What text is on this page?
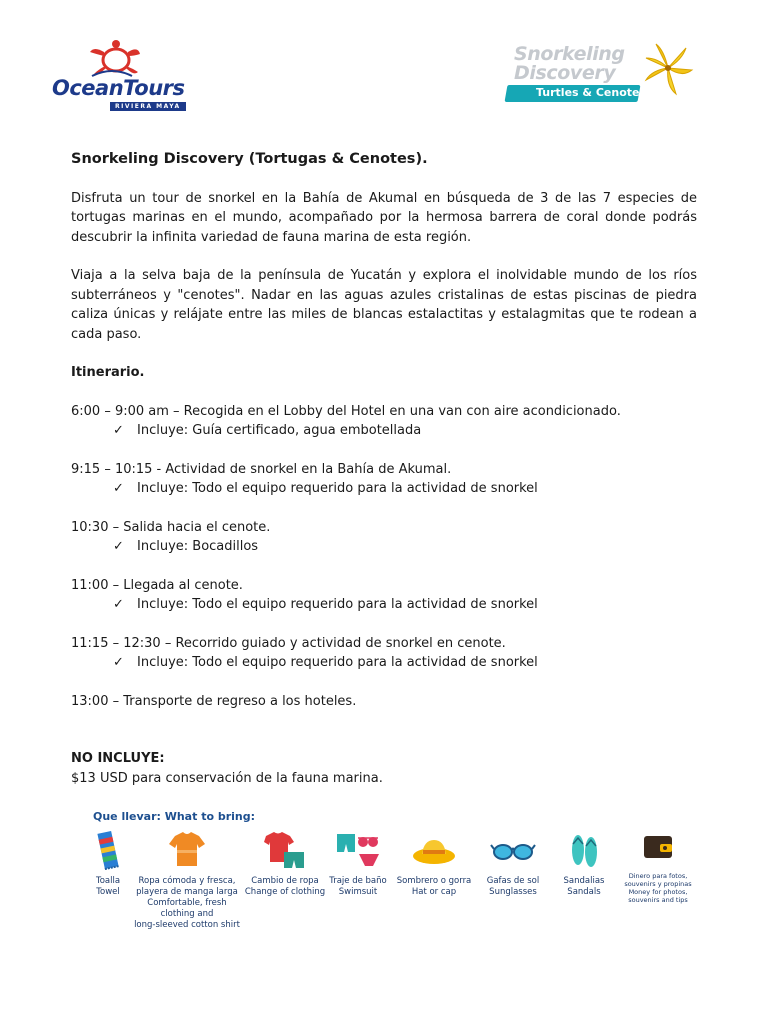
OceanTours
RIVIERA MAYA
Snorkeling
Discovery
Turtles & Cenotes
Snorkeling Discovery (Tortugas & Cenotes).

Disfruta un tour de snorkel en la Bahía de Akumal en búsqueda de 3 de las 7 especies de tortugas marinas en el mundo, acompañado por la hermosa barrera de coral donde podrás descubrir la infinita variedad de fauna marina de esta región.

Viaja a la selva baja de la península de Yucatán y explora el inolvidable mundo de los ríos subterráneos y "cenotes". Nadar en las aguas azules cristalinas de estas piscinas de piedra caliza únicas y relájate entre las miles de blancas estalactitas y estalagmitas que te rodean a cada paso.

Itinerario.
6:00 – 9:00 am – Recogida en el Lobby del Hotel en una van con aire acondicionado.
✓ Incluye: Guía certificado, agua embotellada
9:15 – 10:15 - Actividad de snorkel en la Bahía de Akumal.
✓ Incluye: Todo el equipo requerido para la actividad de snorkel
10:30 – Salida hacia el cenote.
✓ Incluye: Bocadillos
11:00 – Llegada al cenote.
✓ Incluye: Todo el equipo requerido para la actividad de snorkel
11:15 – 12:30 – Recorrido guiado y actividad de snorkel en cenote.
✓ Incluye: Todo el equipo requerido para la actividad de snorkel
13:00 – Transporte de regreso a los hoteles.
NO INCLUYE:
$13 USD para conservación de la fauna marina.
Que llevar: What to bring:
Toalla
Towel
Ropa cómoda y fresca,
playera de manga larga
Comfortable, fresh
clothing and
long-sleeved cotton shirt
Cambio de ropa
Change of clothing
Traje de baño
Swimsuit
Sombrero o gorra
Hat or cap
Gafas de sol
Sunglasses
Sandalias
Sandals
Dinero para fotos,
souvenirs y propinas
Money for photos,
souvenirs and tips
